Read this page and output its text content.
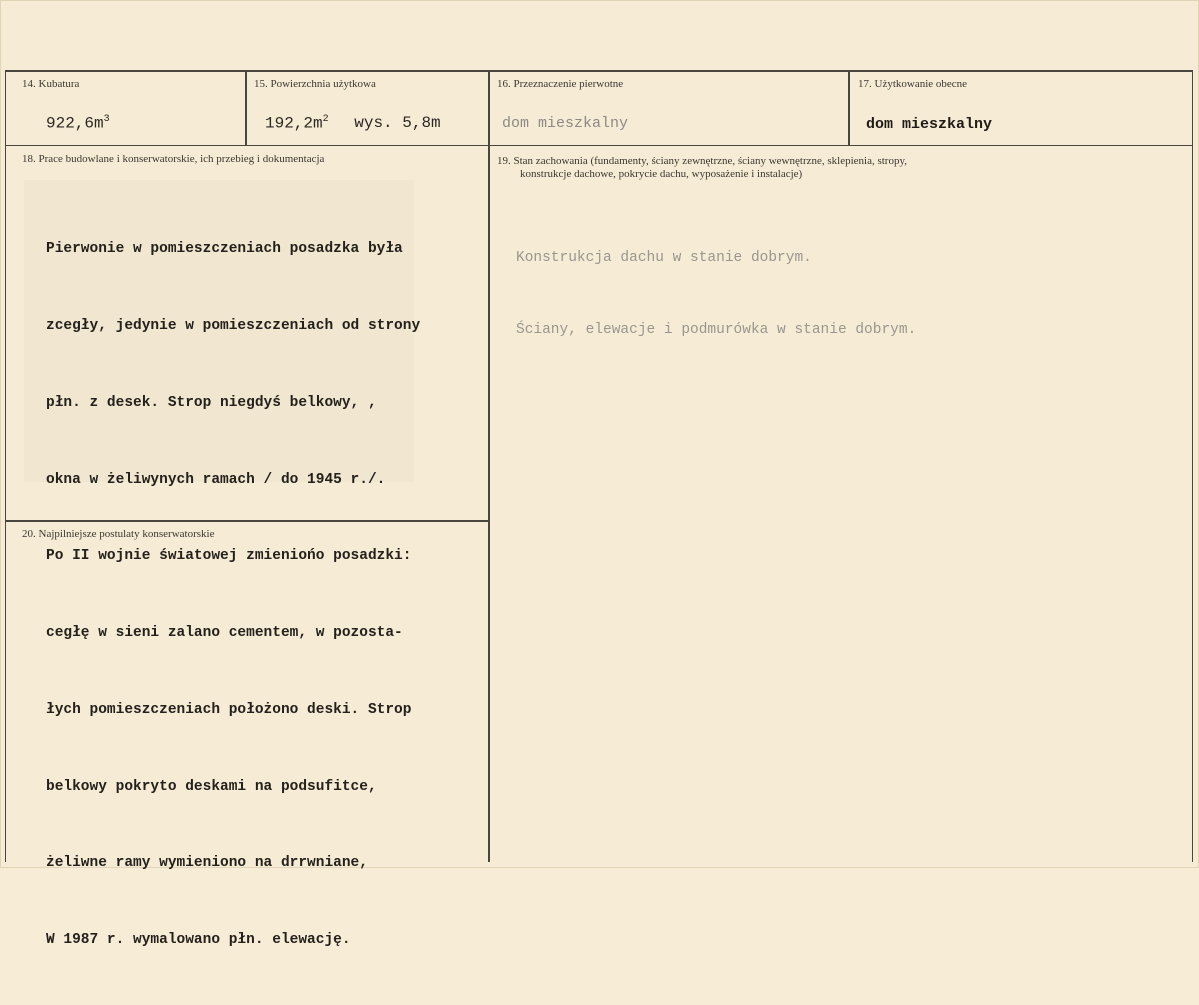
14. Kubatura
$922,6m^3$
15. Powierzchnia użytkowa
$192,2m^2$ wys. 5,8m
16. Przeznaczenie pierwotne
dom mieszkalny
17. Użytkowanie obecne
dom mieszkalny
18. Prace budowlane i konserwatorskie, ich przebieg i dokumentacja

Pierwonie w pomieszczeniach posadzka była

zcegły, jedynie w pomieszczeniach od strony

płn. z desek. Strop niegdyś belkowy, ,

okna w żeliwynych ramach / do 1945 r./.

Po II wojnie światowej zmieniońo posadzki:

cegłę w sieni zalano cementem, w pozosta-

łych pomieszczeniach położono deski. Strop

belkowy pokryto deskami na podsufitce,

żeliwne ramy wymieniono na drrwniane,

W 1987 r. wymalowano płn. elewację.

19. Stan zachowania (fundamenty, ściany zewnętrzne, ściany wewnętrzne, sklepienia, stropy,
konstrukcje dachowe, pokrycie dachu, wyposażenie i instalacje)

Konstrukcja dachu w stanie dobrym.

Ściany, elewacje i podmurówka w stanie dobrym.

20. Najpilniejsze postulaty konserwatorskie
